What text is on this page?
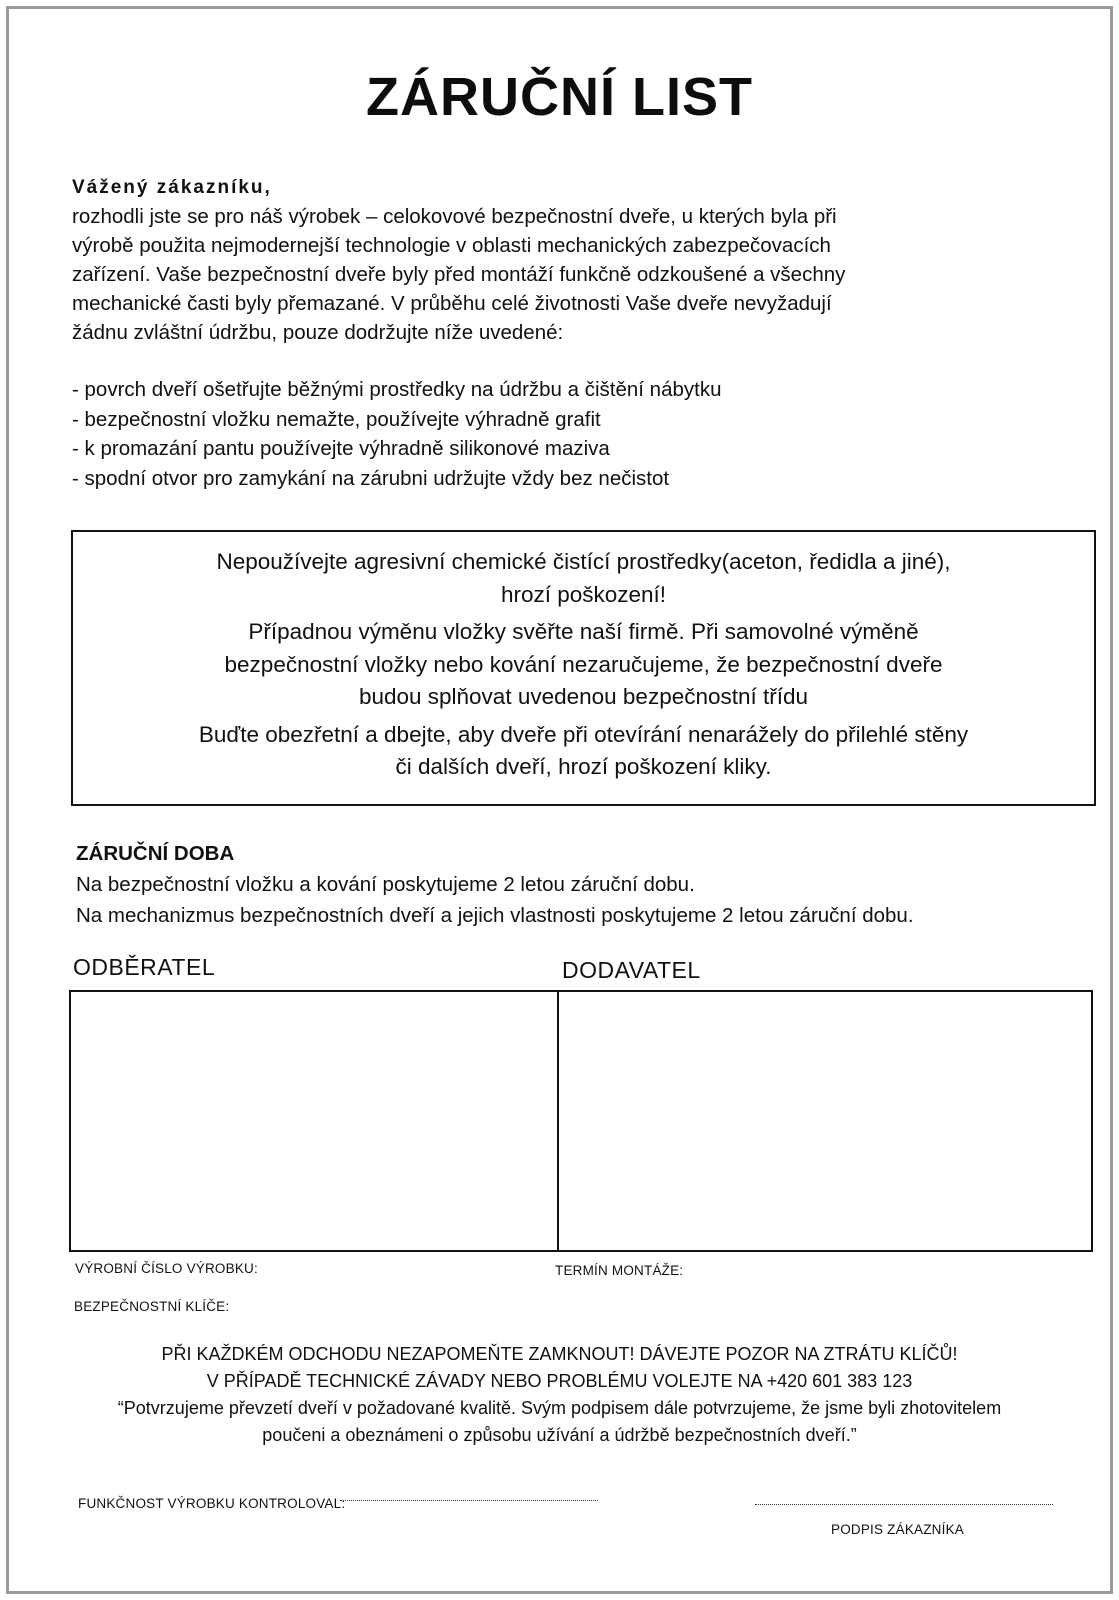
ZÁRUČNÍ LIST
Vážený zákazníku,
rozhodli jste se pro náš výrobek – celokovové bezpečnostní dveře, u kterých byla při
výrobě použita nejmodernejší technologie v oblasti mechanických zabezpečovacích
zařízení. Vaše bezpečnostní dveře byly před montáží funkčně odzkoušené a všechny
mechanické časti byly přemazané. V průběhu celé životnosti Vaše dveře nevyžadují
žádnu zvláštní údržbu, pouze dodržujte níže uvedené:
- povrch dveří ošetřujte běžnými prostředky na údržbu a čištění nábytku
- bezpečnostní vložku nemažte, používejte výhradně grafit
- k promazání pantu používejte výhradně silikonové maziva
- spodní otvor pro zamykání na zárubni udržujte vždy bez nečistot

Nepoužívejte agresivní chemické čistící prostředky(aceton, ředidla a jiné),
hrozí poškození!

Případnou výměnu vložky svěřte naší firmě. Při samovolné výměně
bezpečnostní vložky nebo kování nezaručujeme, že bezpečnostní dveře
budou splňovat uvedenou bezpečnostní třídu

Buďte obezřetní a dbejte, aby dveře při otevírání nenarážely do přilehlé stěny
či dalších dveří, hrozí poškození kliky.

ZÁRUČNÍ DOBA
Na bezpečnostní vložku a kování poskytujeme 2 letou záruční dobu.
Na mechanizmus bezpečnostních dveří a jejich vlastnosti poskytujeme 2 letou záruční dobu.
ODBĚRATEL	DODAVATEL
VÝROBNÍ ČÍSLO VÝROBKU:	TERMÍN MONTÁŽE:
BEZPEČNOSTNÍ KLÍČE:
PŘI KAŽDKÉM ODCHODU NEZAPOMEŇTE ZAMKNOUT! DÁVEJTE POZOR NA ZTRÁTU KLÍČŮ!
V PŘÍPADĚ TECHNICKÉ ZÁVADY NEBO PROBLÉMU VOLEJTE NA +420 601 383 123
“Potvrzujeme převzetí dveří v požadované kvalitě. Svým podpisem dále potvrzujeme, že jsme byli zhotovitelem
poučeni a obeznámeni o způsobu užívání a údržbě bezpečnostních dveří.”
FUNKČNOST VÝROBKU KONTROLOVAL:
PODPIS ZÁKAZNÍKA
